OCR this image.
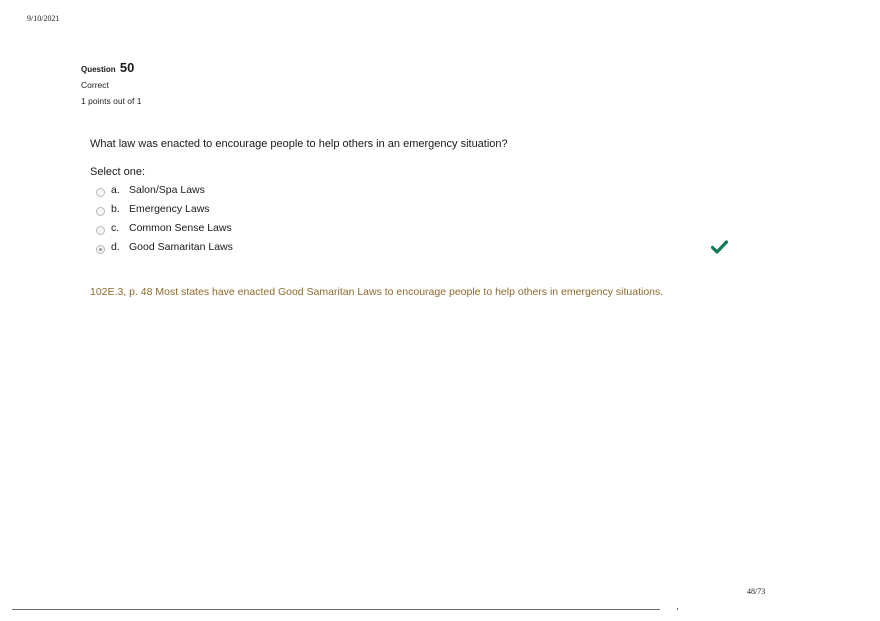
9/10/2021
Question 50
Correct
1 points out of 1
What law was enacted to encourage people to help others in an emergency situation?
Select one:
a. Salon/Spa Laws
b. Emergency Laws
c. Common Sense Laws
d. Good Samaritan Laws
102E.3, p. 48 Most states have enacted Good Samaritan Laws to encourage people to help others in emergency situations.
48/73
